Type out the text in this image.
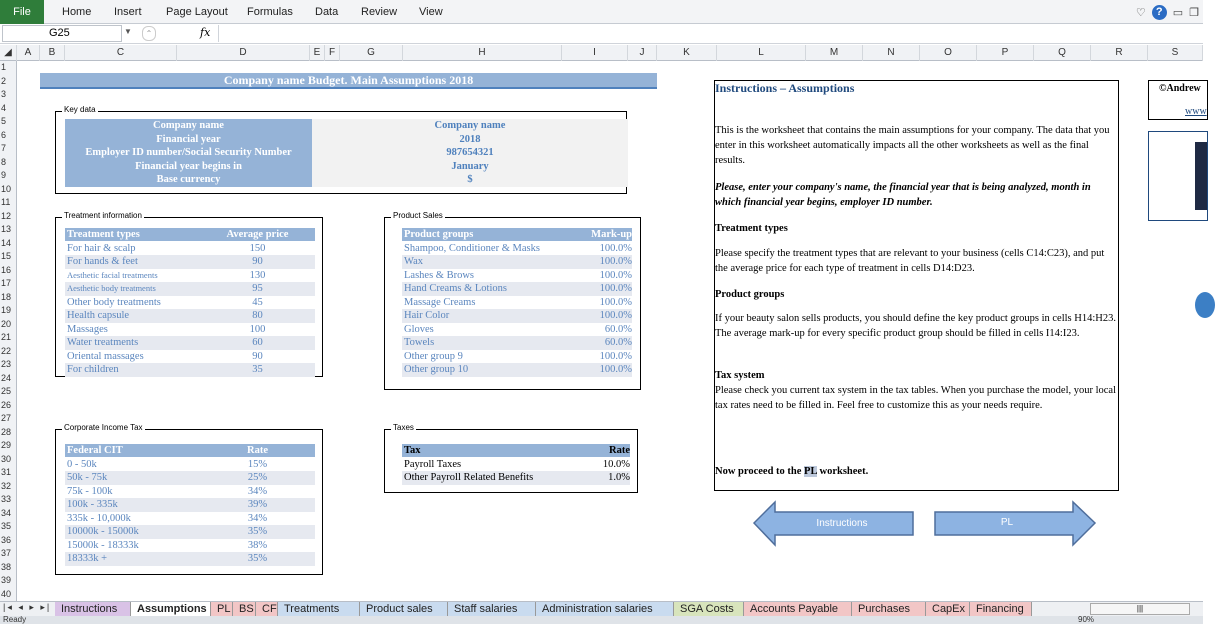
File	Home Insert Page Layout Formulas Data Review View	♡ ? ▭ ❐
G25	▼	⌃	fx
◢	A	B	C	D	E F	G	H	I	J	K	L	M	N	O	P	Q	R	S
1
2
3
4
5
6
7
8
9
10
11
12
13
14
15
16
17
18
19
20
21
22
23
24
25
26
27
28
29
30
31
32
33
34
35
36
37
38
39
40
Company name Budget. Main Assumptions 2018
Key data
Company name	Company name
Financial year	2018
Employer ID number/Social Security Number	987654321
Financial year begins in	January
Base currency	$
Treatment information
Treatment types	Average price
For hair & scalp	150
For hands & feet	90
Aesthetic facial treatments	130
Aesthetic body treatments	95
Other body treatments	45
Health capsule	80
Massages	100
Water treatments	60
Oriental massages	90
For children	35
Product Sales
Product groups	Mark-up
Shampoo, Conditioner & Masks	100.0%
Wax	100.0%
Lashes & Brows	100.0%
Hand Creams & Lotions	100.0%
Massage Creams	100.0%
Hair Color	100.0%
Gloves	60.0%
Towels	60.0%
Other group 9	100.0%
Other group 10	100.0%
Corporate Income Tax
Federal CIT	Rate
0 - 50k	15%
50k - 75k	25%
75k - 100k	34%
100k - 335k	39%
335k - 10,000k	34%
10000k - 15000k	35%
15000k - 18333k	38%
18333k +	35%
Taxes
Tax	Rate
Payroll Taxes	10.0%
Other Payroll Related Benefits	1.0%
Instructions – Assumptions
This is the worksheet that contains the main assumptions for your company. The data that you enter in this worksheet automatically impacts all the other worksheets as well as the final results.
Please, enter your company's name, the financial year that is being analyzed, month in which financial year begins, employer ID number.
Treatment types
Please specify the treatment types that are relevant to your business (cells C14:C23), and put the average price for each type of treatment in cells D14:D23.
Product groups
If your beauty salon sells products, you should define the key product groups in cells H14:H23. The average mark-up for every specific product group should be filled in cells I14:I23.
Tax system
Please check you current tax system in the tax tables. When you purchase the model, your local tax rates need to be filled in. Feel free to customize this as your needs require.
Now proceed to the PL worksheet.
Instructions	PL
©Andrew
www
|◂ ◂ ▸ ▸| Instructions	Assumptions PL BS CF Treatments	Product sales	Staff salaries	Administration salaries	SGA Costs	Accounts Payable	Purchases	CapEx Financing	|||
Ready	90%
